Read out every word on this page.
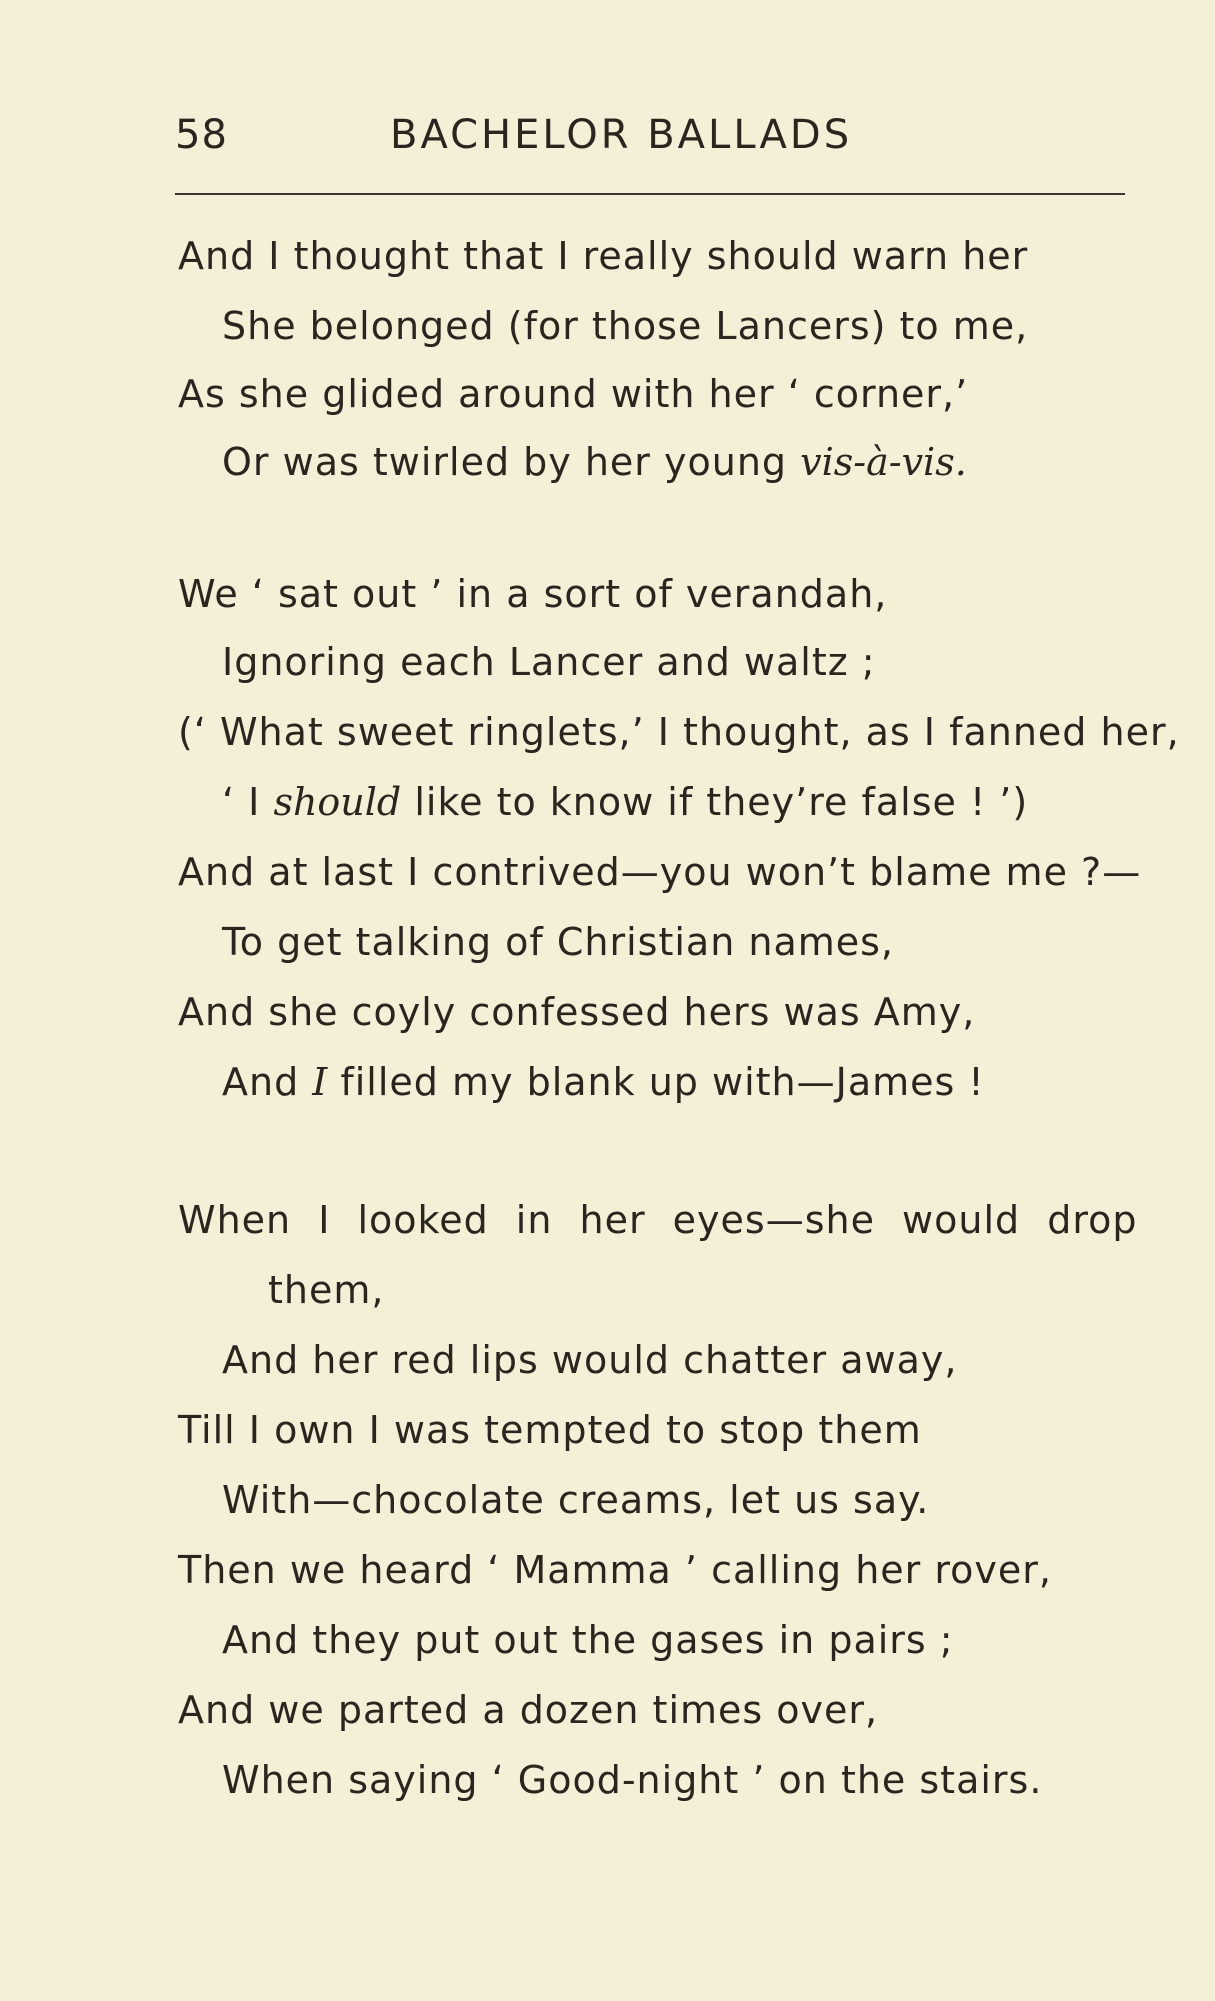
58	BACHELOR BALLADS
And I thought that I really should warn her
She belonged (for those Lancers) to me,
As she glided around with her ‘ corner,’
Or was twirled by her young vis-à-vis.
We ‘ sat out ’ in a sort of verandah,
Ignoring each Lancer and waltz ;
(‘ What sweet ringlets,’ I thought, as I fanned her,
‘ I should like to know if they’re false ! ’)
And at last I contrived—you won’t blame me ?—
To get talking of Christian names,
And she coyly confessed hers was Amy,
And I filled my blank up with—James !
When I looked in her eyes—she would drop
them,
And her red lips would chatter away,
Till I own I was tempted to stop them
With—chocolate creams, let us say.
Then we heard ‘ Mamma ’ calling her rover,
And they put out the gases in pairs ;
And we parted a dozen times over,
When saying ‘ Good-night ’ on the stairs.
